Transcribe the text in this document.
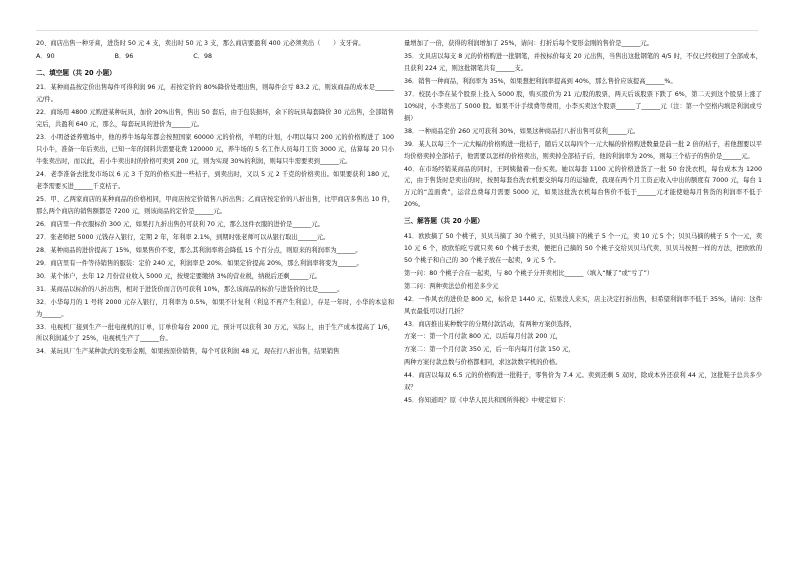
20、商店出售一种牙膏，进货时 50 元 4 支，卖出时 50 元 3 支，那么商店要盈利 400 元必须卖出（　　）支牙膏。

A．90	B．96	C．98

二、填空题（共 20 小题）

21．某种商品按定价出售每件可得利润 96 元，若按定价的 80%降价处理出售，则每件会亏 83.2 元，则该商品的成本是______元/件。

22．商场用 4800 元购进某种玩具，加价 20%出售，售出 50 套后，由于包装损坏，余下的玩具每套降价 30 元出售，全部销售完后，共盈利 640 元，那么，每套玩具的进价为______元。

23．小明爸爸养殖场中，他的养牛场每年都会按照国家 60000 元的价格，羊明的计划，小明以每只 200 元的价格购进了 100 只小牛，准备一年后卖出，已知一年的饲料共需要花费 120000 元，养牛场的 5 名工作人员每月工资 3000 元，估算每 20 只小牛张卖出时，而以此，若小牛卖出时的价格可卖到 200 元，则为实现 30%的利润，则每只牛需要卖到______元。

24．老李准备去批发市场以 6 元 3 千克的价格买进一些桔子，到卖出时，又以 5 元 2 千克的价格卖出。如果要获利 180 元，老李需要买进______千克桔子。

25．甲、乙两家商店的某种商品的价格相同，甲商店按定价销售八折出售；乙商店按定价的八折出售，比甲商店多售出 10 件，那么两个商店的销售额都是 7200 元，则该商品的定价是______元。

26．商店里一件衣服标价 300 元，如果打九折出售仍可获利 70 元，那么这件衣服的进价是______元。

27．张老师把 5000 元钱存入银行，定期 2 年，年利率 2.1%，到期时张老师可以从银行取出______元。

28．某种商品的进价提高了 15%，如果售价不变，那么其利润率将会降低 15 个百分点，则原来的利润率为______。

29．商店里有一件等待销售的服装：定价 240 元，利润率是 20%．如果定价提高 20%，那么利润率将变为______。

30．某个体户，去年 12 月份营业收入 5000 元，按规定要缴纳 3%的营业税，纳税后还剩______元。

31．某商品以标价的八折出售，相对于进货价而言仍可获利 10%，那么该商品的标价与进货价的比是______。

32．小华每月的 1 号将 2000 元存入银行，月利率为 0.5%，如果不计复利（利息不再产生利息），存足一年时，小华的本息和为______。

33．电视机厂接到生产一批电视机的订单，订单价每台 2000 元，预计可以获利 30 万元，实际上，由于生产成本提高了 1/6，所以利润减少了 25%，电视机生产了______台。

34．某玩具厂生产某种款式的变形金刚，如果按原价销售，每个可获利润 48 元，现在打八折出售，结果销售

量增加了一倍，获得的利润增加了 25%，请问：打折后每个变形金刚的售价是______元。

35．文具店以每支 8 元的价格购进一批钢笔，并按标价每支 20 元出售，当售出这批钢笔的 4/5 时，不仅已经收回了全部成本，且获利 224 元，则这批钢笔共有______支。

36．销售一种商品，利润率为 35%，如果想把利润率提高到 40%，那么售价应该提高______%。

37．校民小李在某个股票上投入 5000 股，购买股价为 21 元/股的股票，两天后该股票下跌了 6%，第二天到这个股票上涨了 10%时，小李卖出了 5000 股。如果不计手续费等费用，小李买卖这个股票______了______元（注：第一个空格内填是利润或亏损）

38．一种商品定价 260 元可获利 30%，如果这种商品打八折出售可获利______元。

39．某人以每三个一元大幅的价格购进一批桔子，随后又以每四个一元大幅的价格购进数量是前一批 2 倍的桔子，若他想要以平均价格卖掉全部桔子，他需要以怎样的价格卖出，则卖掉全部桔子后，他的利润率为 20%，则每三个桔子的售价是______元。

40．在市场经销某商品的同时，王阿姨做着一份买卖。她以每套 1100 元的价格进货了一批 50 台洗衣机，每台成本为 1200 元，由于售货时是卖出的时，按照每套台洗衣机要交纳每月的运输费，我现在两个月工资正收入中出的额度有 7000 元，每台 1 万元的“盖面费”，运营总费每月需要 5000 元，如果这批洗衣机每台售价不低于______元才能使她每月售货的利润率不低于 20%。

三、解答题（共 20 小题）

41．欧欧摘了 50 个桃子，贝贝马摘了 30 个桃子，贝贝马摘下的桃子 5 个一元，卖 10 元 5 个；贝贝马摘的桃子 5 个一元，卖 10 元 6 个，欧欧怕吃亏就只卖 60 个桃子去卖，便把自己摘的 50 个桃子交给贝贝马代卖，贝贝马按照一样的方法，把欧欧的 50 个桃子和自己的 30 个桃子放在一起卖，9 元 5 个。

第一问：80 个桃子合在一起卖，与 80 个桃子分开卖相比______（填入“赚了”或“亏了”）

第二问：两种卖法总价相差多少元

42．一件风衣的进价是 800 元，标价是 1440 元，结果没人来买，店主决定打折出售，但希望利润率不低于 35%，请问：这件风衣最低可以打几折？

43．商店推出某种数字的分期付款活动，有两种方案供选择，

方案一：第一个月付款 800 元，以后每月付款 200 元，

方案二：第一个月付款 350 元，后一年内每月付款 150 元，

两种方案付款总数与价格都相同，求这款数字机的价格。

44．商店以每双 6.5 元的价格购进一批鞋子，零售价为 7.4 元。卖到还剩 5 双时，除成本外还获利 44 元，这批鞋子总共多少双？

45．你知道吗？原《中华人民共和国所得税》中规定如下：
